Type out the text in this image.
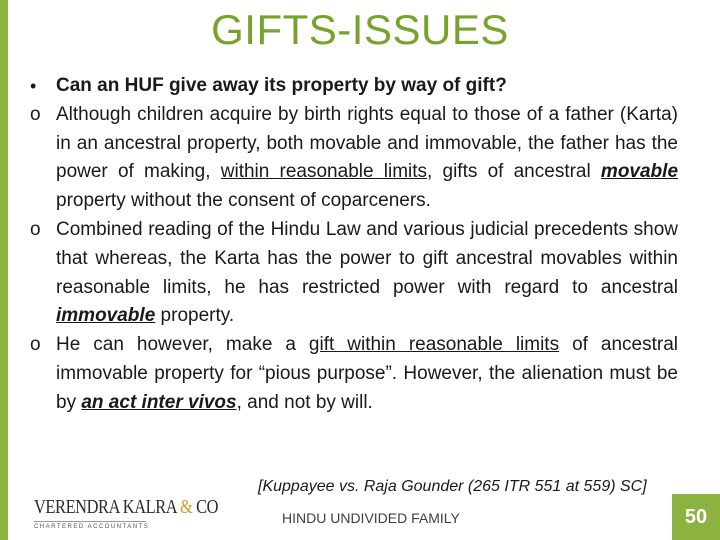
GIFTS-ISSUES
•	Can an HUF give away its property by way of gift?
o Although children acquire by birth rights equal to those of a father (Karta) in an ancestral property, both movable and immovable, the father has the power of making, within reasonable limits, gifts of ancestral movable property without the consent of coparceners.
o Combined reading of the Hindu Law and various judicial precedents show that whereas, the Karta has the power to gift ancestral movables within reasonable limits, he has restricted power with regard to ancestral immovable property.
o He can however, make a gift within reasonable limits of ancestral immovable property for “pious purpose”. However, the alienation must be by an act inter vivos, and not by will.
[Kuppayee vs. Raja Gounder (265 ITR 551 at 559) SC]
VERENDRA KALRA & CO
CHARTERED ACCOUNTANTS
HINDU UNDIVIDED FAMILY	50
